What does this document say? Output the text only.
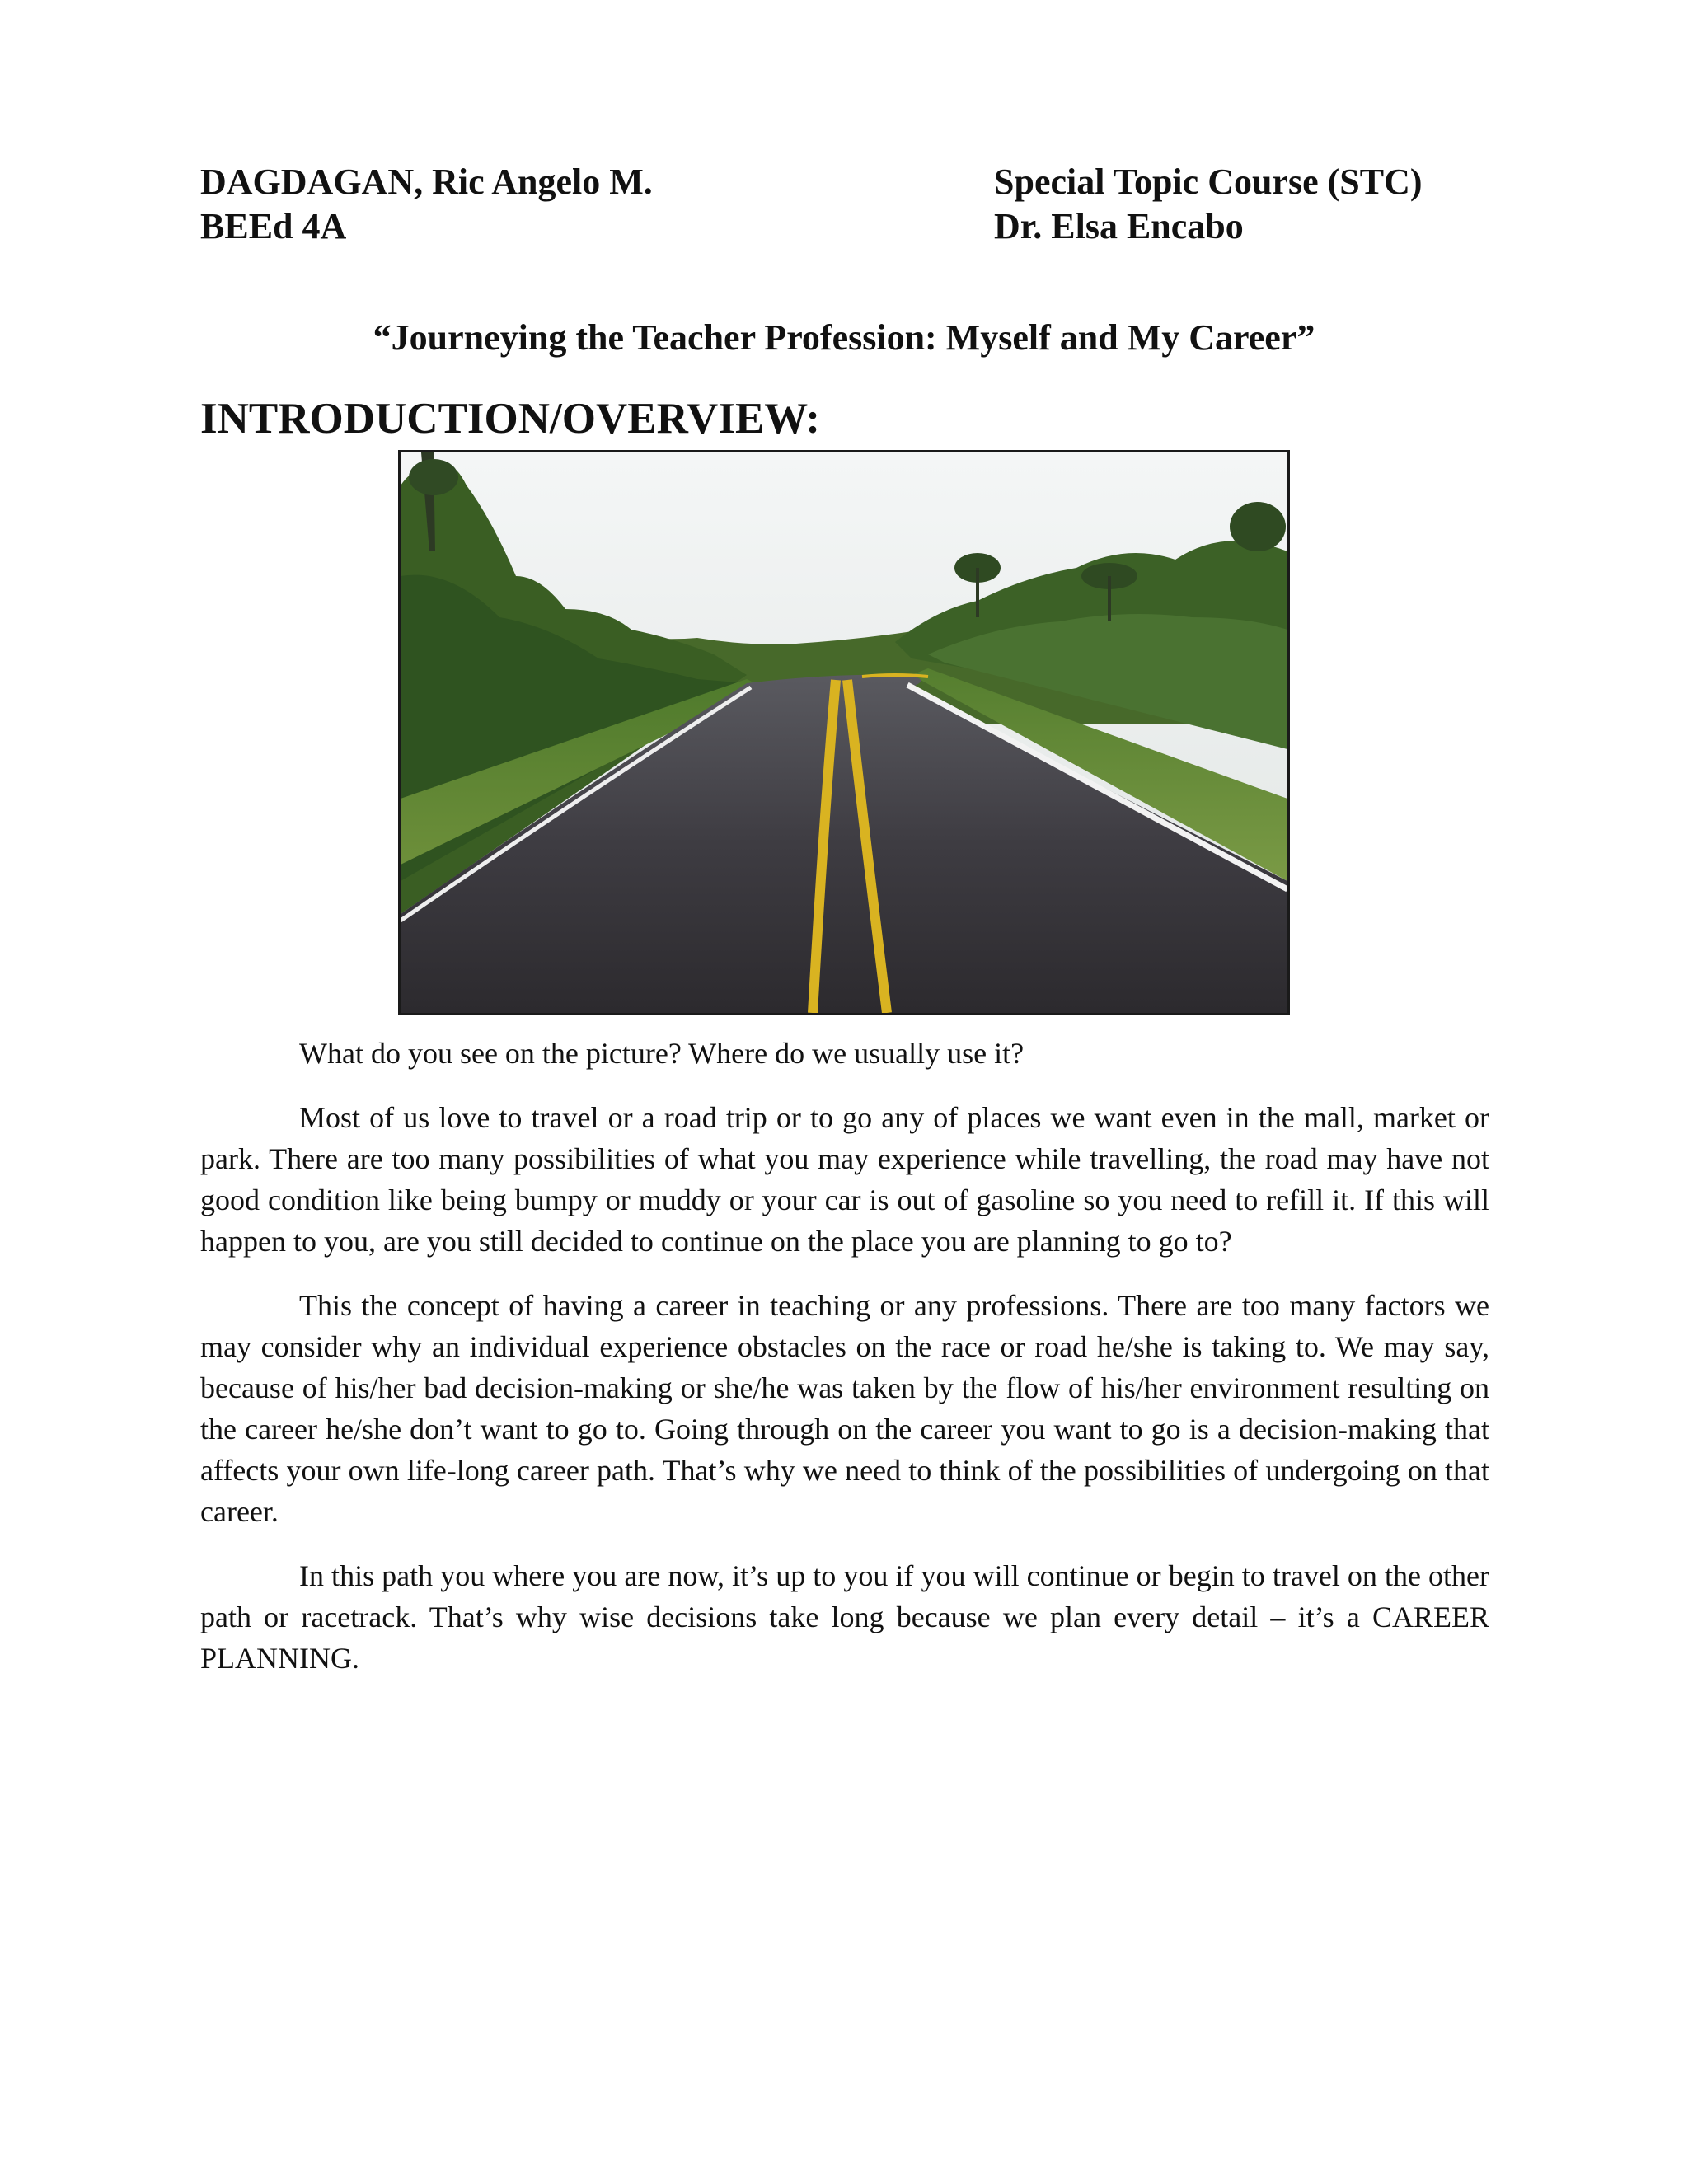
DAGDAGAN, Ric Angelo M.
BEEd 4A
Special Topic Course (STC)
Dr. Elsa Encabo
“Journeying the Teacher Profession: Myself and My Career”
INTRODUCTION/OVERVIEW:

What do you see on the picture? Where do we usually use it?

Most of us love to travel or a road trip or to go any of places we want even in the mall, market or park. There are too many possibilities of what you may experience while travelling, the road may have not good condition like being bumpy or muddy or your car is out of gasoline so you need to refill it. If this will happen to you, are you still decided to continue on the place you are planning to go to?

This the concept of having a career in teaching or any professions. There are too many factors we may consider why an individual experience obstacles on the race or road he/she is taking to. We may say, because of his/her bad decision-making or she/he was taken by the flow of his/her environment resulting on the career he/she don’t want to go to. Going through on the career you want to go is a decision-making that affects your own life-long career path. That’s why we need to think of the possibilities of undergoing on that career.

In this path you where you are now, it’s up to you if you will continue or begin to travel on the other path or racetrack. That’s why wise decisions take long because we plan every detail – it’s a CAREER PLANNING.
